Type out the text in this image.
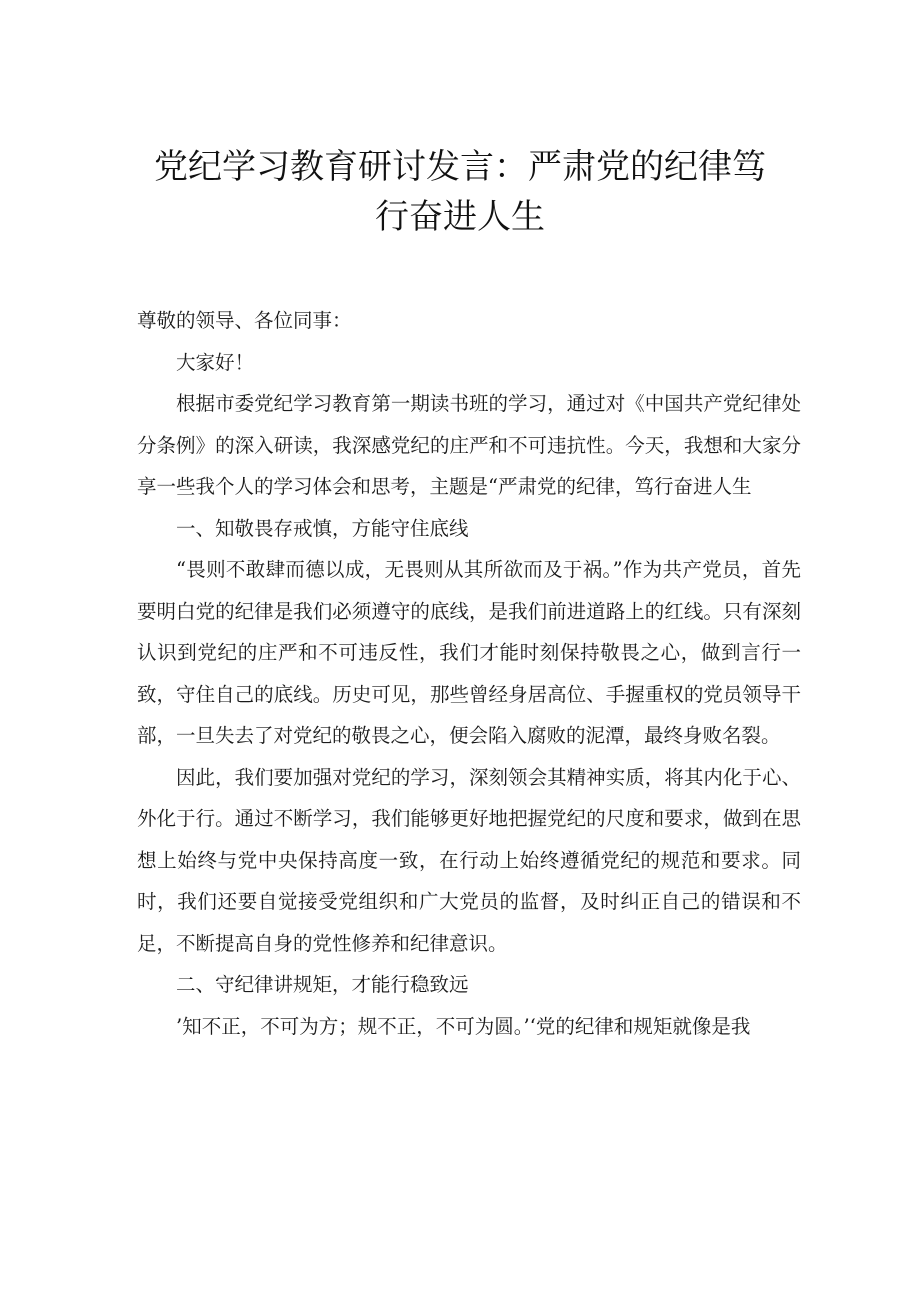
党纪学习教育研讨发言：严肃党的纪律笃
行奋进人生

尊敬的领导、各位同事：

大家好！

根据市委党纪学习教育第一期读书班的学习，通过对《中国共产党纪律处分条例》的深入研读，我深感党纪的庄严和不可违抗性。今天，我想和大家分享一些我个人的学习体会和思考，主题是“严肃党的纪律，笃行奋进人生

一、知敬畏存戒慎，方能守住底线

“畏则不敢肆而德以成，无畏则从其所欲而及于祸。”作为共产党员，首先要明白党的纪律是我们必须遵守的底线，是我们前进道路上的红线。只有深刻认识到党纪的庄严和不可违反性，我们才能时刻保持敬畏之心，做到言行一致，守住自己的底线。历史可见，那些曾经身居高位、手握重权的党员领导干部，一旦失去了对党纪的敬畏之心，便会陷入腐败的泥潭，最终身败名裂。

因此，我们要加强对党纪的学习，深刻领会其精神实质，将其内化于心、外化于行。通过不断学习，我们能够更好地把握党纪的尺度和要求，做到在思想上始终与党中央保持高度一致，在行动上始终遵循党纪的规范和要求。同时，我们还要自觉接受党组织和广大党员的监督，及时纠正自己的错误和不足，不断提高自身的党性修养和纪律意识。

二、守纪律讲规矩，才能行稳致远

’知不正，不可为方；规不正，不可为圆。’‘党的纪律和规矩就像是我
